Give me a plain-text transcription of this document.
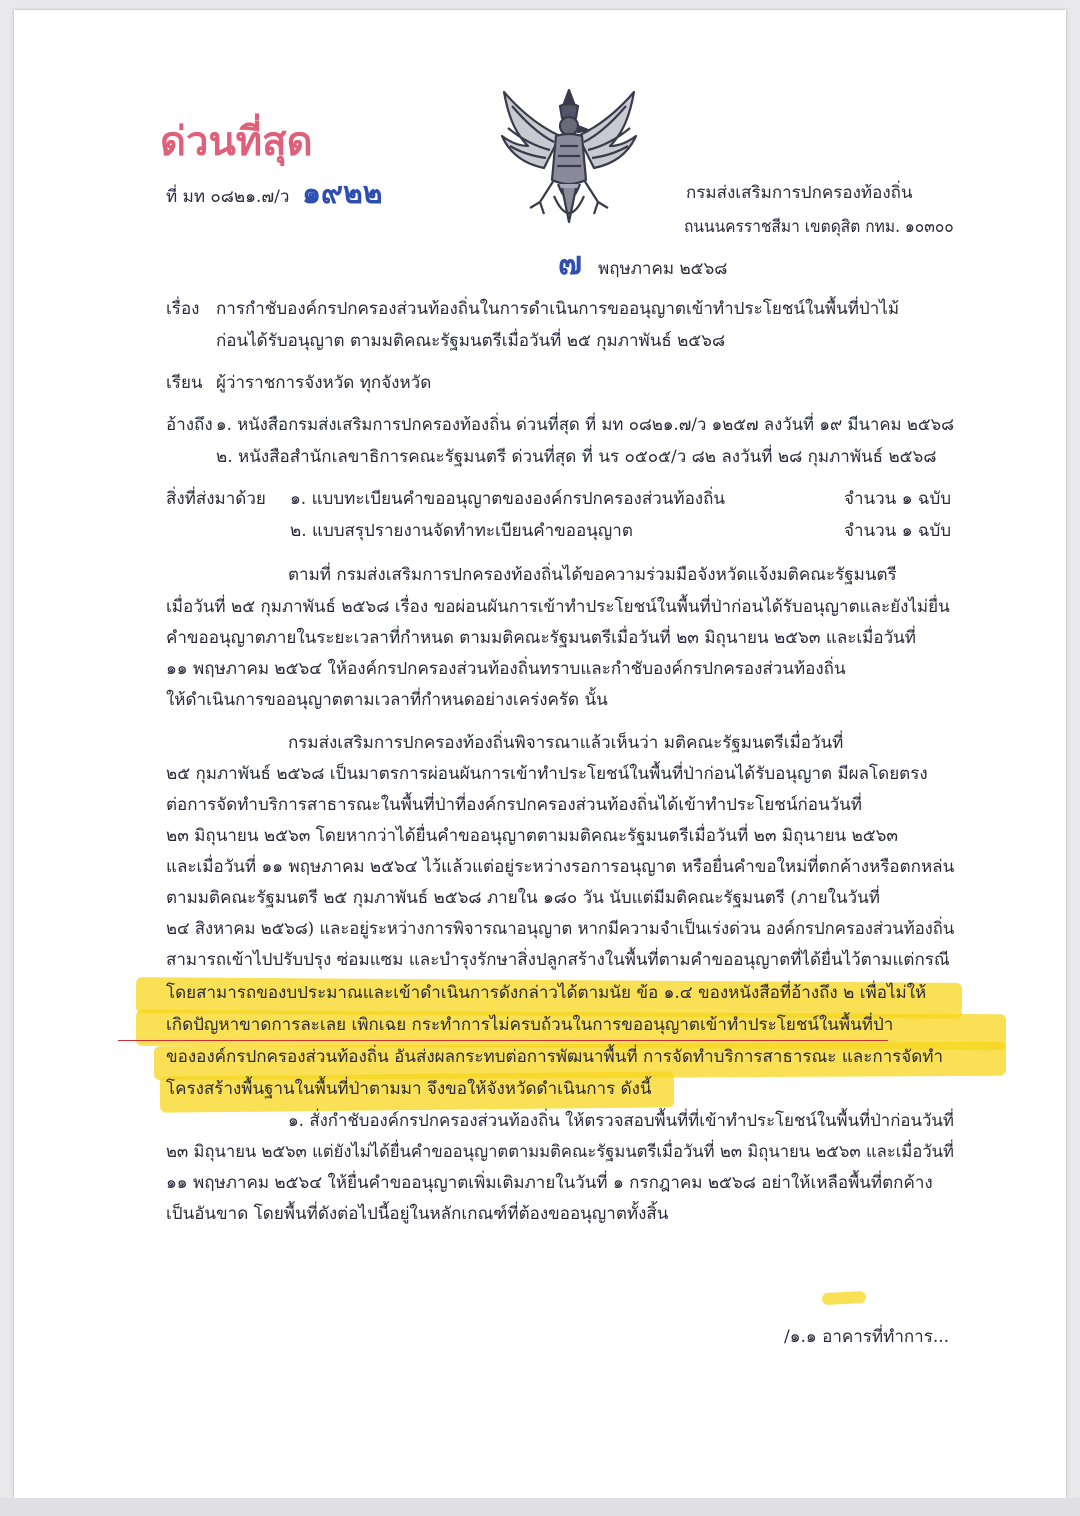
ด่วนที่สุด
ที่ มท ๐๘๒๑.๗/ว ๑๙๒๒	กรมส่งเสริมการปกครองท้องถิ่น
ถนนนครราชสีมา เขตดุสิต กทม. ๑๐๓๐๐
๗ พฤษภาคม ๒๕๖๘
เรื่อง การกำชับองค์กรปกครองส่วนท้องถิ่นในการดำเนินการขออนุญาตเข้าทำประโยชน์ในพื้นที่ป่าไม้
ก่อนได้รับอนุญาต ตามมติคณะรัฐมนตรีเมื่อวันที่ ๒๕ กุมภาพันธ์ ๒๕๖๘
เรียน ผู้ว่าราชการจังหวัด ทุกจังหวัด
อ้างถึง ๑. หนังสือกรมส่งเสริมการปกครองท้องถิ่น ด่วนที่สุด ที่ มท ๐๘๒๑.๗/ว ๑๒๕๗ ลงวันที่ ๑๙ มีนาคม ๒๕๖๘
๒. หนังสือสำนักเลขาธิการคณะรัฐมนตรี ด่วนที่สุด ที่ นร ๐๕๐๕/ว ๘๒ ลงวันที่ ๒๘ กุมภาพันธ์ ๒๕๖๘
สิ่งที่ส่งมาด้วย ๑. แบบทะเบียนคำขออนุญาตขององค์กรปกครองส่วนท้องถิ่น	จำนวน ๑ ฉบับ
๒. แบบสรุปรายงานจัดทำทะเบียนคำขออนุญาต	จำนวน ๑ ฉบับ
ตามที่ กรมส่งเสริมการปกครองท้องถิ่นได้ขอความร่วมมือจังหวัดแจ้งมติคณะรัฐมนตรี
เมื่อวันที่ ๒๕ กุมภาพันธ์ ๒๕๖๘ เรื่อง ขอผ่อนผันการเข้าทำประโยชน์ในพื้นที่ป่าก่อนได้รับอนุญาตและยังไม่ยื่น
คำขออนุญาตภายในระยะเวลาที่กำหนด ตามมติคณะรัฐมนตรีเมื่อวันที่ ๒๓ มิถุนายน ๒๕๖๓ และเมื่อวันที่
๑๑ พฤษภาคม ๒๕๖๔ ให้องค์กรปกครองส่วนท้องถิ่นทราบและกำชับองค์กรปกครองส่วนท้องถิ่น
ให้ดำเนินการขออนุญาตตามเวลาที่กำหนดอย่างเคร่งครัด นั้น
กรมส่งเสริมการปกครองท้องถิ่นพิจารณาแล้วเห็นว่า มติคณะรัฐมนตรีเมื่อวันที่
๒๕ กุมภาพันธ์ ๒๕๖๘ เป็นมาตรการผ่อนผันการเข้าทำประโยชน์ในพื้นที่ป่าก่อนได้รับอนุญาต มีผลโดยตรง
ต่อการจัดทำบริการสาธารณะในพื้นที่ป่าที่องค์กรปกครองส่วนท้องถิ่นได้เข้าทำประโยชน์ก่อนวันที่
๒๓ มิถุนายน ๒๕๖๓ โดยหากว่าได้ยื่นคำขออนุญาตตามมติคณะรัฐมนตรีเมื่อวันที่ ๒๓ มิถุนายน ๒๕๖๓
และเมื่อวันที่ ๑๑ พฤษภาคม ๒๕๖๔ ไว้แล้วแต่อยู่ระหว่างรอการอนุญาต หรือยื่นคำขอใหม่ที่ตกค้างหรือตกหล่น
ตามมติคณะรัฐมนตรี ๒๕ กุมภาพันธ์ ๒๕๖๘ ภายใน ๑๘๐ วัน นับแต่มีมติคณะรัฐมนตรี (ภายในวันที่
๒๔ สิงหาคม ๒๕๖๘) และอยู่ระหว่างการพิจารณาอนุญาต หากมีความจำเป็นเร่งด่วน องค์กรปกครองส่วนท้องถิ่น
สามารถเข้าไปปรับปรุง ซ่อมแซม และบำรุงรักษาสิ่งปลูกสร้างในพื้นที่ตามคำขออนุญาตที่ได้ยื่นไว้ตามแต่กรณี
โดยสามารถของบประมาณและเข้าดำเนินการดังกล่าวได้ตามนัย ข้อ ๑.๔ ของหนังสือที่อ้างถึง ๒ เพื่อไม่ให้
เกิดปัญหาขาดการละเลย เพิกเฉย กระทำการไม่ครบถ้วนในการขออนุญาตเข้าทำประโยชน์ในพื้นที่ป่า
ขององค์กรปกครองส่วนท้องถิ่น อันส่งผลกระทบต่อการพัฒนาพื้นที่ การจัดทำบริการสาธารณะ และการจัดทำ
โครงสร้างพื้นฐานในพื้นที่ป่าตามมา จึงขอให้จังหวัดดำเนินการ ดังนี้
๑. สั่งกำชับองค์กรปกครองส่วนท้องถิ่น ให้ตรวจสอบพื้นที่ที่เข้าทำประโยชน์ในพื้นที่ป่าก่อนวันที่
๒๓ มิถุนายน ๒๕๖๓ แต่ยังไม่ได้ยื่นคำขออนุญาตตามมติคณะรัฐมนตรีเมื่อวันที่ ๒๓ มิถุนายน ๒๕๖๓ และเมื่อวันที่
๑๑ พฤษภาคม ๒๕๖๔ ให้ยื่นคำขออนุญาตเพิ่มเติมภายในวันที่ ๑ กรกฎาคม ๒๕๖๘ อย่าให้เหลือพื้นที่ตกค้าง
เป็นอันขาด โดยพื้นที่ดังต่อไปนี้อยู่ในหลักเกณฑ์ที่ต้องขออนุญาตทั้งสิ้น
/๑.๑ อาคารที่ทำการ...
